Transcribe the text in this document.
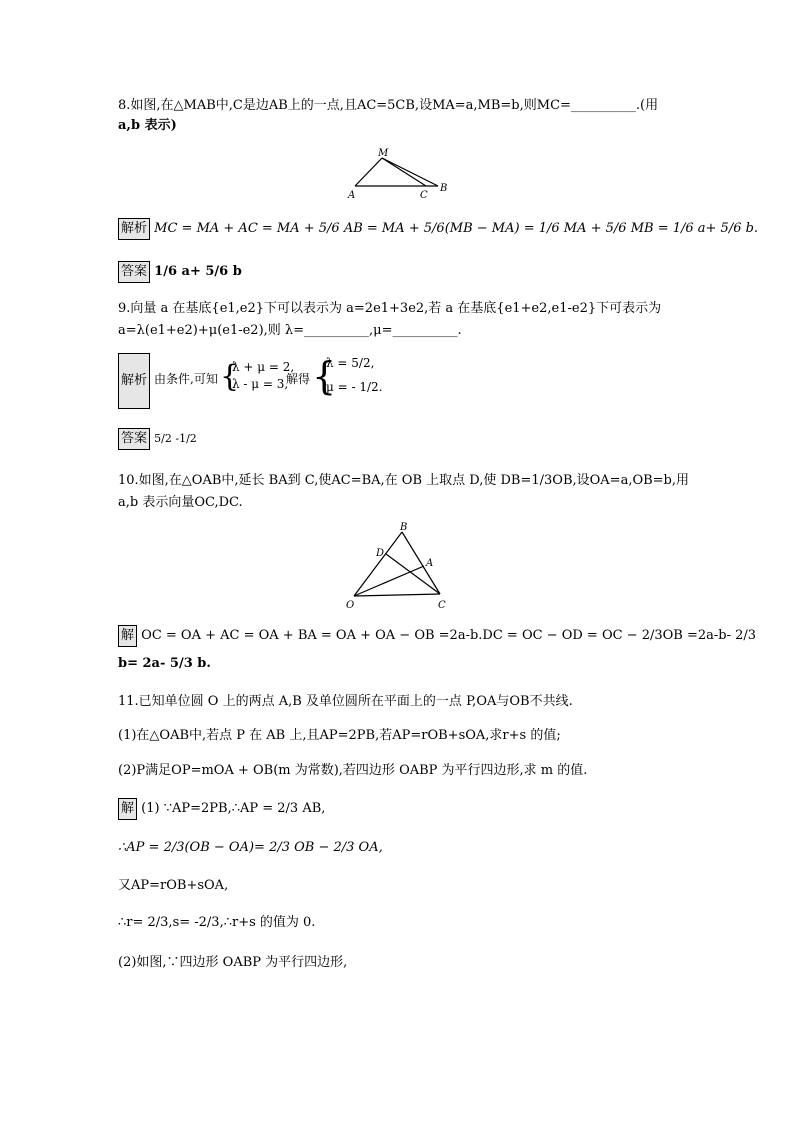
8.如图,在△MAB中,C是边AB上的一点,且AC=5CB,设MA=a,MB=b,则MC=__________.(用
a,b 表示)
M
A	C
B
解析 MC = MA + AC = MA + 5/6 AB = MA + 5/6(MB − MA) = 1/6 MA + 5/6 MB = 1/6 a+ 5/6 b.
答案 1/6 a+ 5/6 b
9.向量 a 在基底{e1,e2}下可以表示为 a=2e1+3e2,若 a 在基底{e1+e2,e1-e2}下可表示为
a=λ(e1+e2)+μ(e1-e2),则 λ=__________,μ=__________.
解析 由条件,可知 {
λ + μ = 2,
λ - μ = 3,
解得 {
λ = 5/2,
μ = - 1/2.
答案 5/2 -1/2
10.如图,在△OAB中,延长 BA到 C,使AC=BA,在 OB 上取点 D,使 DB=1/3OB,设OA=a,OB=b,用
a,b 表示向量OC,DC.
B
D
A
O	C
解 OC = OA + AC = OA + BA = OA + OA − OB =2a-b.DC = OC − OD = OC − 2/3OB =2a-b- 2/3
b= 2a- 5/3 b.
11.已知单位圆 O 上的两点 A,B 及单位圆所在平面上的一点 P,OA与OB不共线.
(1)在△OAB中,若点 P 在 AB 上,且AP=2PB,若AP=rOB+sOA,求r+s 的值;
(2)P满足OP=mOA + OB(m 为常数),若四边形 OABP 为平行四边形,求 m 的值.
解 (1) ∵AP=2PB,∴AP = 2/3 AB,
∴AP = 2/3(OB − OA)= 2/3 OB − 2/3 OA,
又AP=rOB+sOA,
∴r= 2/3,s= -2/3,∴r+s 的值为 0.
(2)如图,∵四边形 OABP 为平行四边形,
